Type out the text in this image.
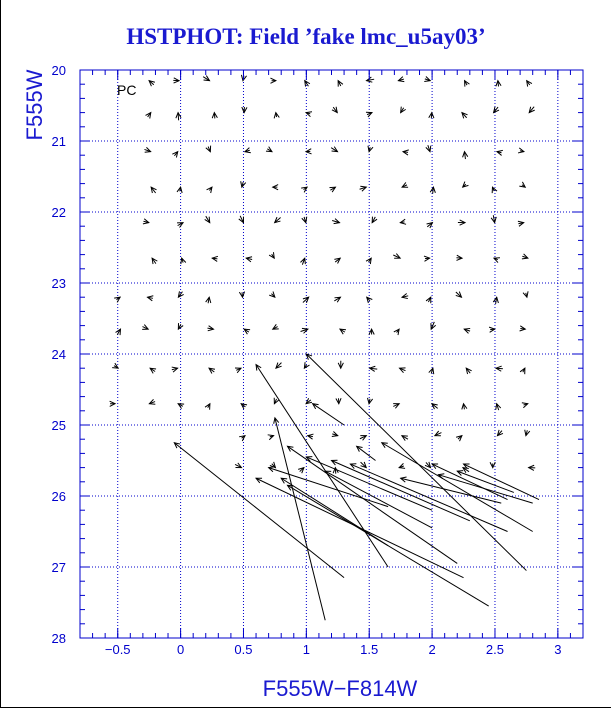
HSTPHOT: Field ’fake lmc_u5ay03’
−0.5	0	0.5	1	1.5	2	2.5	3
20
21
22
23
24
25
26
27
28
F555W−F814W
F555W	PC
